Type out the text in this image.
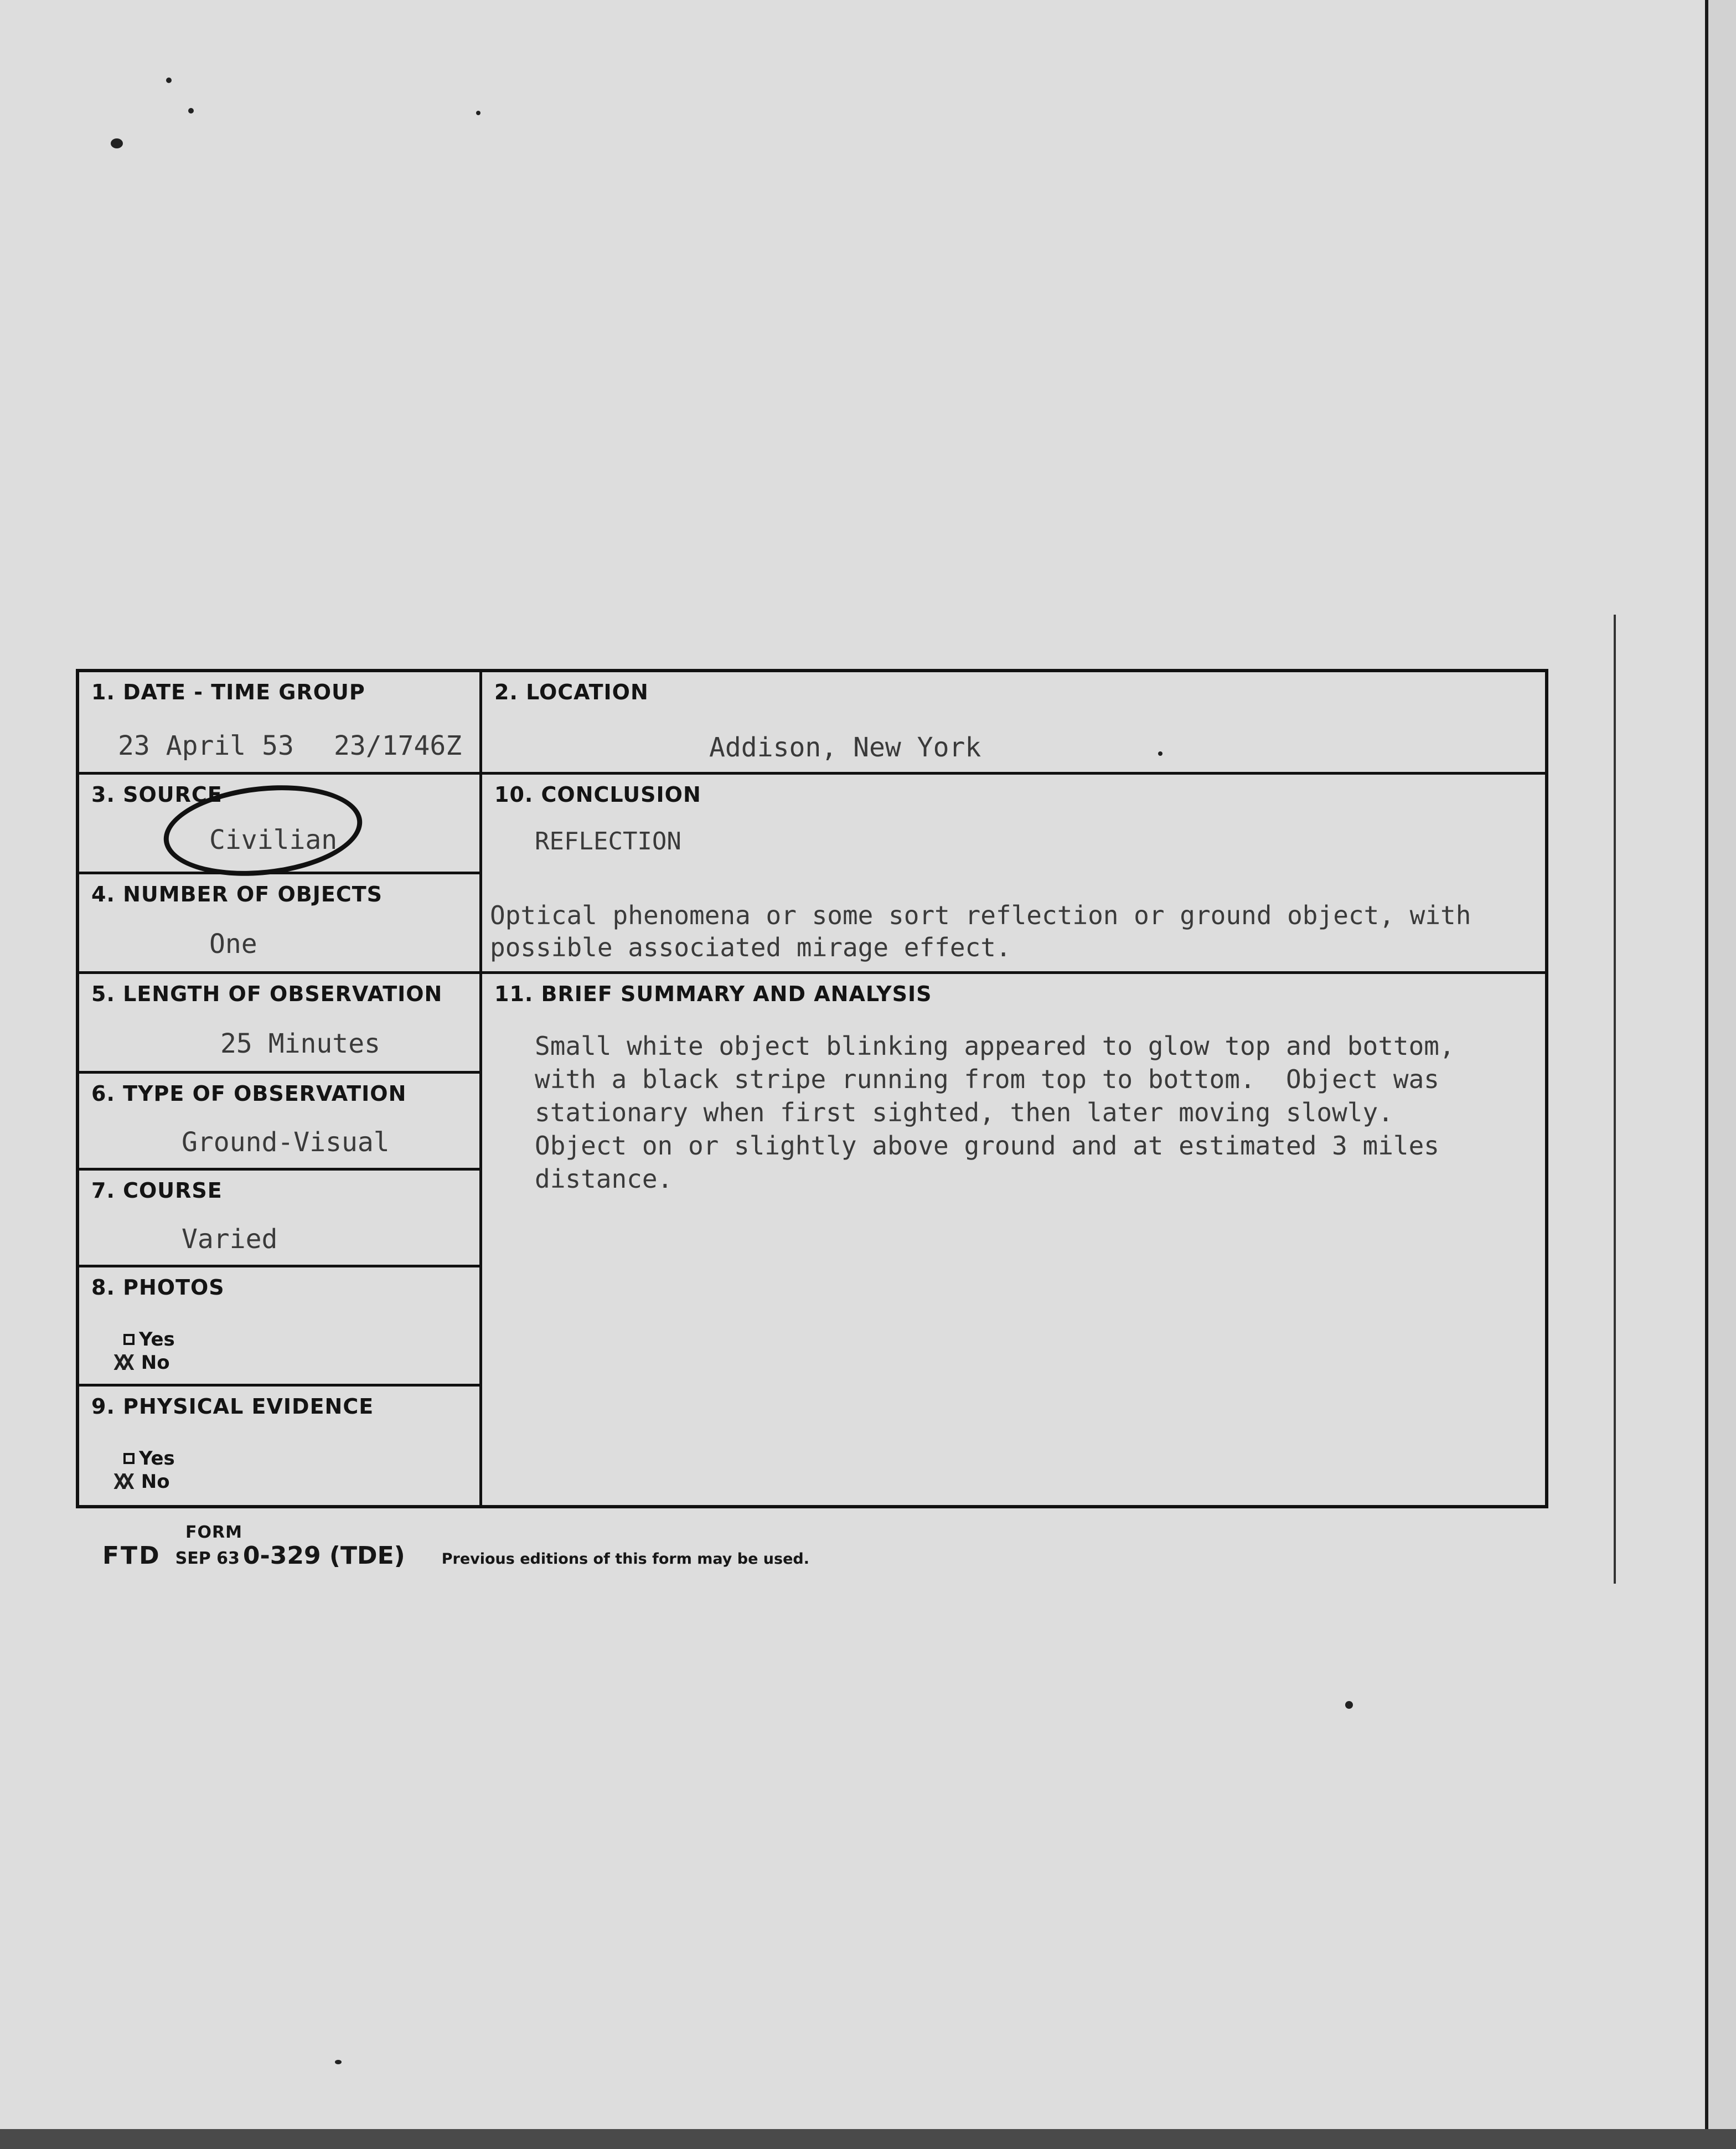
1. DATE - TIME GROUP
23 April 53 23/1746Z
2. LOCATION
Addison, New York
3. SOURCE
Civilian
4. NUMBER OF OBJECTS
One
10. CONCLUSION
REFLECTION
Optical phenomena or some sort reflection or ground object, with
possible associated mirage effect.
5. LENGTH OF OBSERVATION
25 Minutes
6. TYPE OF OBSERVATION
Ground-Visual
7. COURSE
Varied
8. PHOTOS
Yes
XX No
9. PHYSICAL EVIDENCE
Yes
XX No
11. BRIEF SUMMARY AND ANALYSIS
Small white object blinking appeared to glow top and bottom,
with a black stripe running from top to bottom.  Object was
stationary when first sighted, then later moving slowly.
Object on or slightly above ground and at estimated 3 miles
distance.
FORM
FTD SEP 63 0-329 (TDE) Previous editions of this form may be used.
